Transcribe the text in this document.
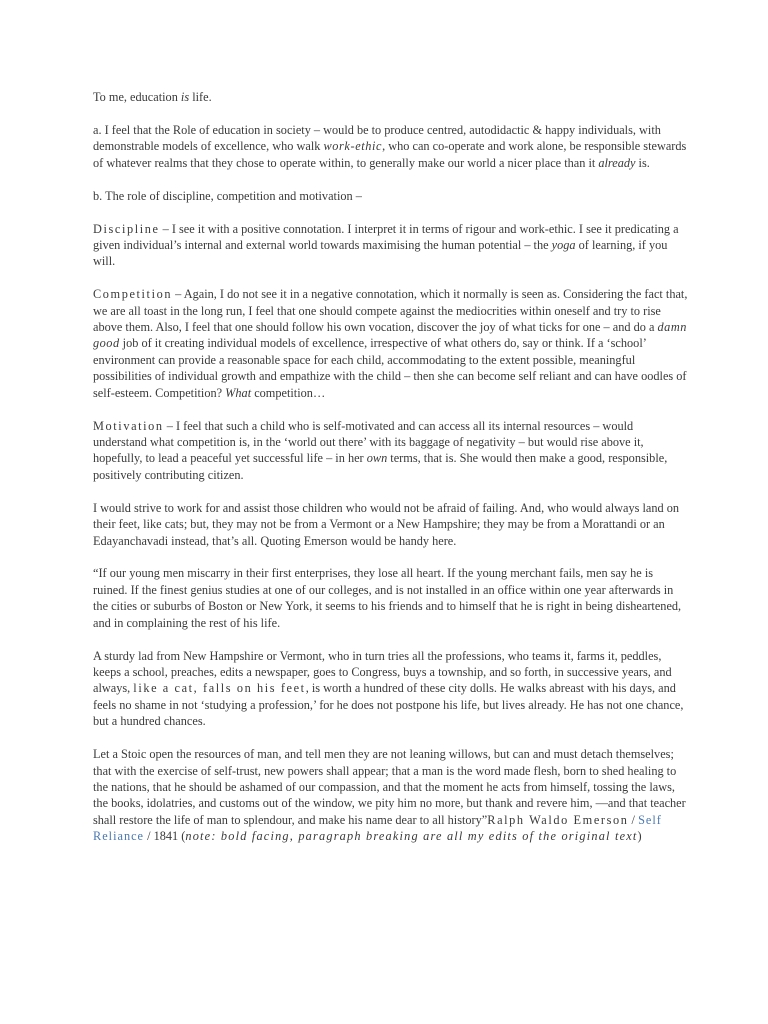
To me, education is life.

a. I feel that the Role of education in society – would be to produce centred, autodidactic & happy individuals, with demonstrable models of excellence, who walk work-ethic, who can co-operate and work alone, be responsible stewards of whatever realms that they chose to operate within, to generally make our world a nicer place than it already is.

b. The role of discipline, competition and motivation –

Discipline – I see it with a positive connotation. I interpret it in terms of rigour and work-ethic. I see it predicating a given individual’s internal and external world towards maximising the human potential – the yoga of learning, if you will.

Competition – Again, I do not see it in a negative connotation, which it normally is seen as. Considering the fact that, we are all toast in the long run, I feel that one should compete against the mediocrities within oneself and try to rise above them. Also, I feel that one should follow his own vocation, discover the joy of what ticks for one – and do a damn good job of it creating individual models of excellence, irrespective of what others do, say or think. If a ‘school’ environment can provide a reasonable space for each child, accommodating to the extent possible, meaningful possibilities of individual growth and empathize with the child – then she can become self reliant and can have oodles of self-esteem. Competition? What competition…

Motivation – I feel that such a child who is self-motivated and can access all its internal resources – would understand what competition is, in the ‘world out there’ with its baggage of negativity – but would rise above it, hopefully, to lead a peaceful yet successful life – in her own terms, that is. She would then make a good, responsible, positively contributing citizen.

I would strive to work for and assist those children who would not be afraid of failing. And, who would always land on their feet, like cats; but, they may not be from a Vermont or a New Hampshire; they may be from a Morattandi or an Edayanchavadi instead, that’s all. Quoting Emerson would be handy here.

“If our young men miscarry in their first enterprises, they lose all heart. If the young merchant fails, men say he is ruined. If the finest genius studies at one of our colleges, and is not installed in an office within one year afterwards in the cities or suburbs of Boston or New York, it seems to his friends and to himself that he is right in being disheartened, and in complaining the rest of his life.

A sturdy lad from New Hampshire or Vermont, who in turn tries all the professions, who teams it, farms it, peddles, keeps a school, preaches, edits a newspaper, goes to Congress, buys a township, and so forth, in successive years, and always, like a cat, falls on his feet, is worth a hundred of these city dolls. He walks abreast with his days, and feels no shame in not ‘studying a profession,’ for he does not postpone his life, but lives already. He has not one chance, but a hundred chances.

Let a Stoic open the resources of man, and tell men they are not leaning willows, but can and must detach themselves; that with the exercise of self-trust, new powers shall appear; that a man is the word made flesh, born to shed healing to the nations, that he should be ashamed of our compassion, and that the moment he acts from himself, tossing the laws, the books, idolatries, and customs out of the window, we pity him no more, but thank and revere him, —and that teacher shall restore the life of man to splendour, and make his name dear to all history”Ralph Waldo Emerson / Self Reliance / 1841 (note: bold facing, paragraph breaking are all my edits of the original text)
